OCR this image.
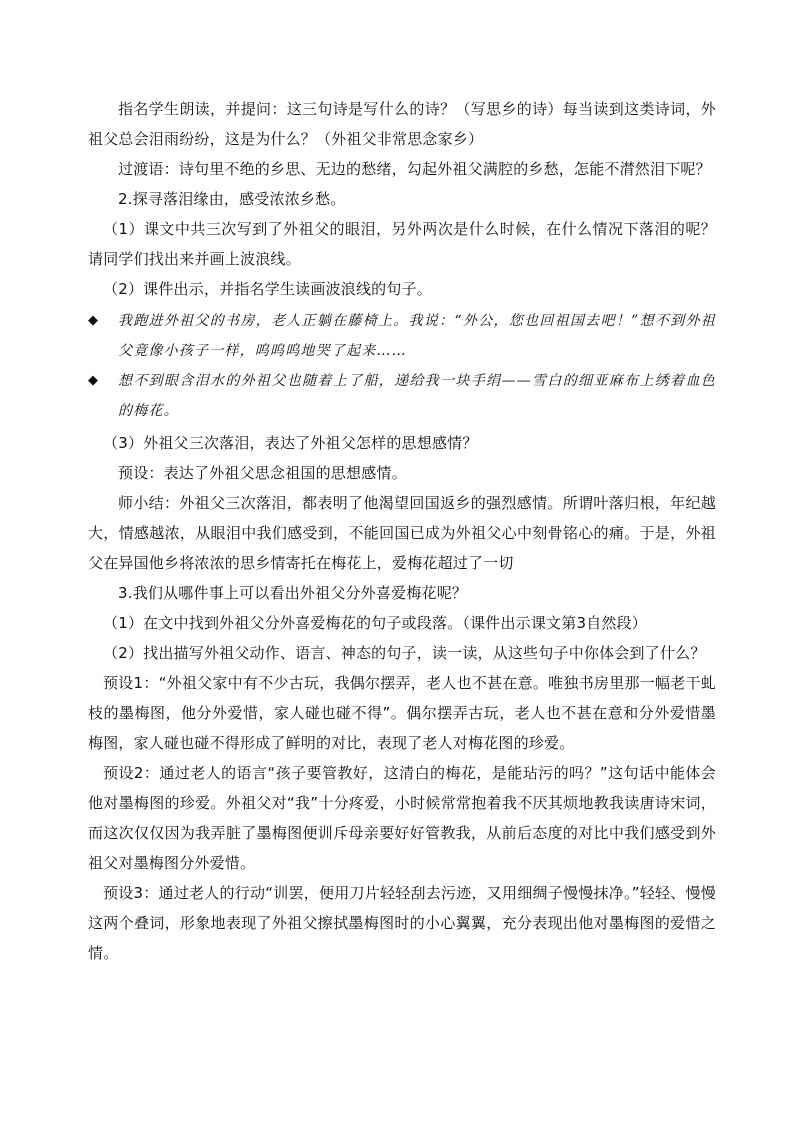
指名学生朗读，并提问：这三句诗是写什么的诗？（写思乡的诗）每当读到这类诗词，外祖父总会泪雨纷纷，这是为什么？（外祖父非常思念家乡）

过渡语：诗句里不绝的乡思、无边的愁绪，勾起外祖父满腔的乡愁，怎能不潸然泪下呢？

2.探寻落泪缘由，感受浓浓乡愁。

（1）课文中共三次写到了外祖父的眼泪，另外两次是什么时候，在什么情况下落泪的呢？请同学们找出来并画上波浪线。

（2）课件出示，并指名学生读画波浪线的句子。

◆	我跑进外祖父的书房，老人正躺在藤椅上。我说：“外公，您也回祖国去吧！”想不到外祖父竟像小孩子一样，呜呜呜地哭了起来……
◆	想不到眼含泪水的外祖父也随着上了船，递给我一块手绢——雪白的细亚麻布上绣着血色的梅花。

（3）外祖父三次落泪，表达了外祖父怎样的思想感情？

预设：表达了外祖父思念祖国的思想感情。

师小结：外祖父三次落泪，都表明了他渴望回国返乡的强烈感情。所谓叶落归根，年纪越大，情感越浓，从眼泪中我们感受到，不能回国已成为外祖父心中刻骨铭心的痛。于是，外祖父在异国他乡将浓浓的思乡情寄托在梅花上，爱梅花超过了一切

3.我们从哪件事上可以看出外祖父分外喜爱梅花呢？

（1）在文中找到外祖父分外喜爱梅花的句子或段落。（课件出示课文第3自然段）

（2）找出描写外祖父动作、语言、神态的句子，读一读，从这些句子中你体会到了什么？

预设1：“外祖父家中有不少古玩，我偶尔摆弄，老人也不甚在意。唯独书房里那一幅老干虬枝的墨梅图，他分外爱惜，家人碰也碰不得”。偶尔摆弄古玩，老人也不甚在意和分外爱惜墨梅图，家人碰也碰不得形成了鲜明的对比，表现了老人对梅花图的珍爱。

预设2：通过老人的语言“孩子要管教好，这清白的梅花，是能玷污的吗？”这句话中能体会他对墨梅图的珍爱。外祖父对“我”十分疼爱，小时候常常抱着我不厌其烦地教我读唐诗宋词，而这次仅仅因为我弄脏了墨梅图便训斥母亲要好好管教我，从前后态度的对比中我们感受到外祖父对墨梅图分外爱惜。

预设3：通过老人的行动“训罢，便用刀片轻轻刮去污迹，又用细绸子慢慢抹净。”轻轻、慢慢这两个叠词，形象地表现了外祖父擦拭墨梅图时的小心翼翼，充分表现出他对墨梅图的爱惜之情。
